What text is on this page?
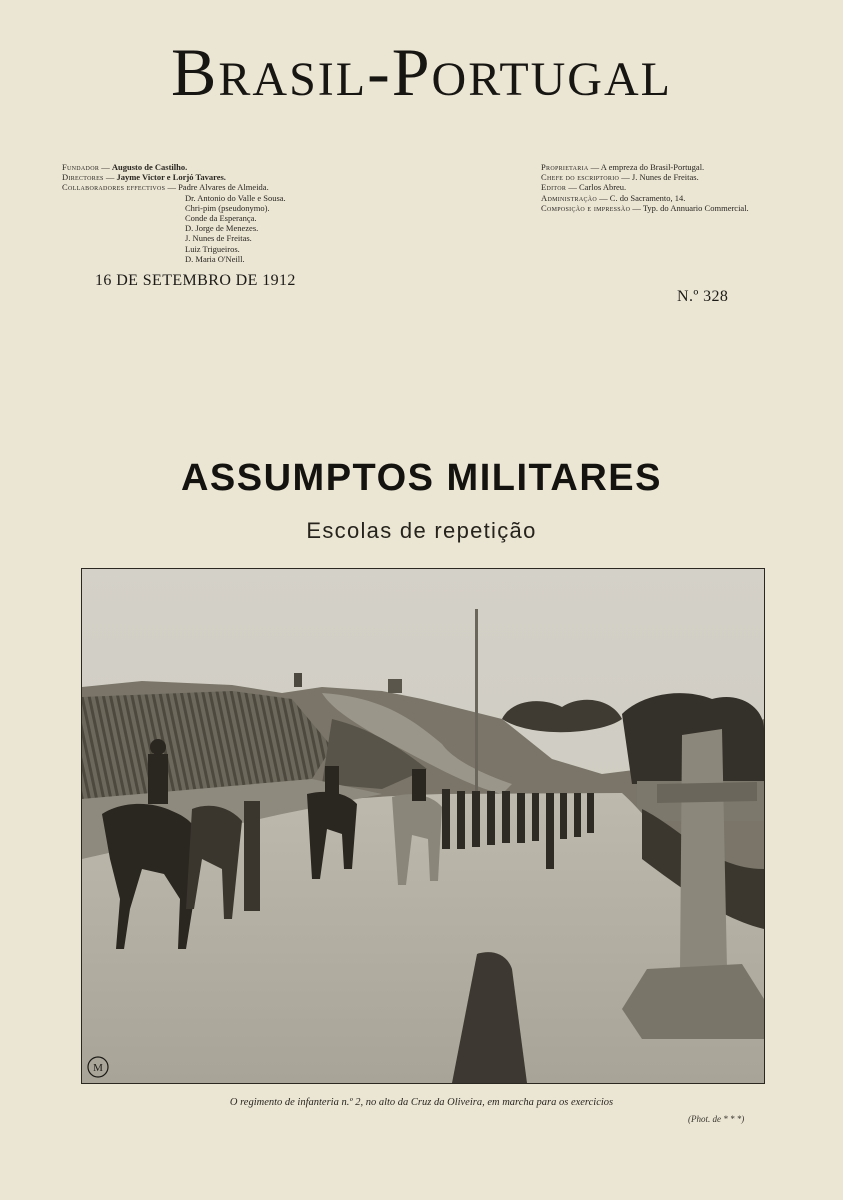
Brasil-Portugal
Fundador — Augusto de Castilho.
Directores — Jayme Victor e Lorjó Tavares.
Collaboradores effectivos — Padre Alvares de Almeida.
Dr. Antonio do Valle e Sousa.
Chri-pim (pseudonymo).
Conde da Esperança.
D. Jorge de Menezes.
J. Nunes de Freitas.
Luiz Trigueiros.
D. Maria O'Neill.
Proprietaria — A empreza do Brasil-Portugal.
Chefe do escriptorio — J. Nunes de Freitas.
Editor — Carlos Abreu.
Administração — C. do Sacramento, 14.
Composição e impressão — Typ. do Annuario Commercial.
16 DE SETEMBRO DE 1912
N.º 328
ASSUMPTOS MILITARES
Escolas de repetição
M
O regimento de infanteria n.º 2, no alto da Cruz da Oliveira, em marcha para os exercicios
(Phot. de * * *)
